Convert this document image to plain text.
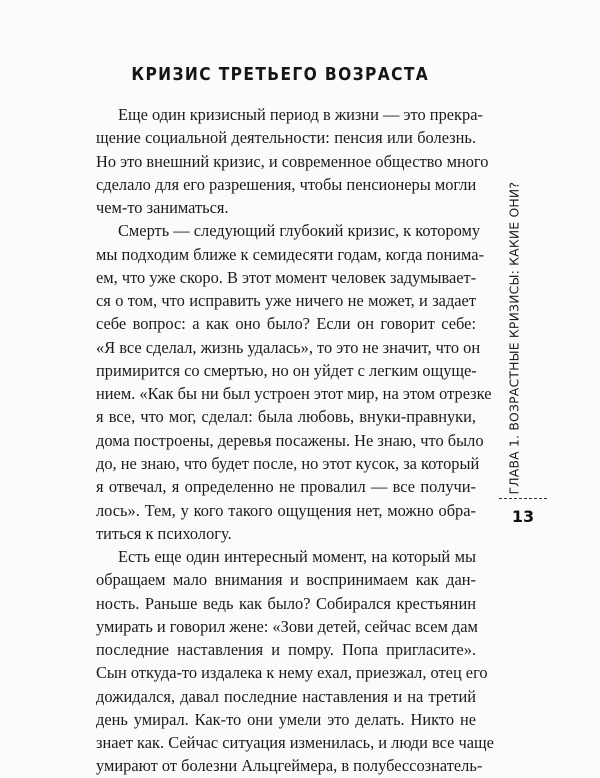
КРИЗИС ТРЕТЬЕГО ВОЗРАСТА
Еще один кризисный период в жизни — это прекра-
щение социальной деятельности: пенсия или болезнь.
Но это внешний кризис, и современное общество много
сделало для его разрешения, чтобы пенсионеры могли
чем-то заниматься.
Смерть — следующий глубокий кризис, к которому
мы подходим ближе к семидесяти годам, когда понима-
ем, что уже скоро. В этот момент человек задумывает-
ся о том, что исправить уже ничего не может, и задает
себе вопрос: а как оно было? Если он говорит себе:
«Я все сделал, жизнь удалась», то это не значит, что он
примирится со смертью, но он уйдет с легким ощуще-
нием. «Как бы ни был устроен этот мир, на этом отрезке
я все, что мог, сделал: была любовь, внуки-правнуки,
дома построены, деревья посажены. Не знаю, что было
до, не знаю, что будет после, но этот кусок, за который
я отвечал, я определенно не провалил — все получи-
лось». Тем, у кого такого ощущения нет, можно обра-
титься к психологу.
Есть еще один интересный момент, на который мы
обращаем мало внимания и воспринимаем как дан-
ность. Раньше ведь как было? Собирался крестьянин
умирать и говорил жене: «Зови детей, сейчас всем дам
последние наставления и помру. Попа пригласите».
Сын откуда-то издалека к нему ехал, приезжал, отец его
дожидался, давал последние наставления и на третий
день умирал. Как-то они умели это делать. Никто не
знает как. Сейчас ситуация изменилась, и люди все чаще
умирают от болезни Альцгеймера, в полубессознатель-
ГЛАВА 1. ВОЗРАСТНЫЕ КРИЗИСЫ: КАКИЕ ОНИ?
13
